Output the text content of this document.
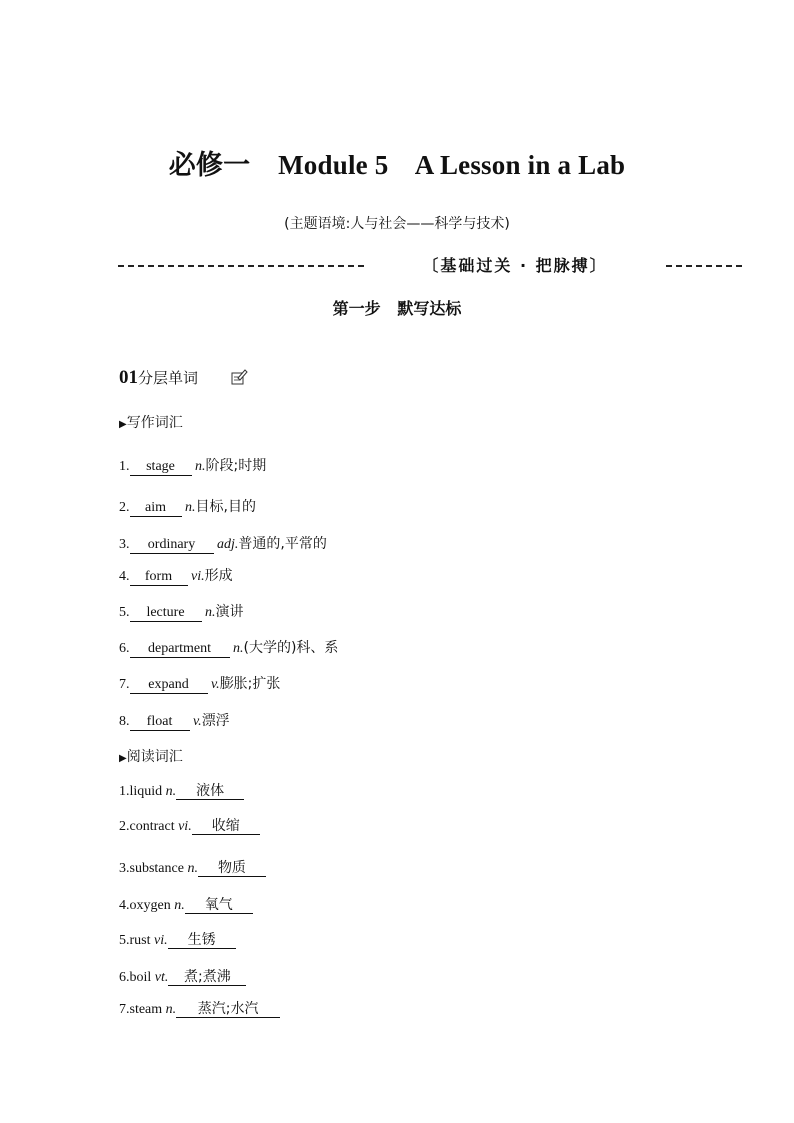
必修一 Module 5 A Lesson in a Lab
(主题语境:人与社会——科学与技术)
〔基础过关 · 把脉搏〕
第一步 默写达标
01分层单词
▶写作词汇
1. stage n.阶段;时期
2. aim n.目标,目的
3. ordinary adj.普通的,平常的
4. form vi.形成
5. lecture n.演讲
6. department n.(大学的)科、系
7. expand v.膨胀;扩张
8. float v.漂浮
▶阅读词汇
1.liquid n. 液体
2.contract vi. 收缩
3.substance n. 物质
4.oxygen n. 氧气
5.rust vi. 生锈
6.boil vt. 煮;煮沸
7.steam n. 蒸汽;水汽
